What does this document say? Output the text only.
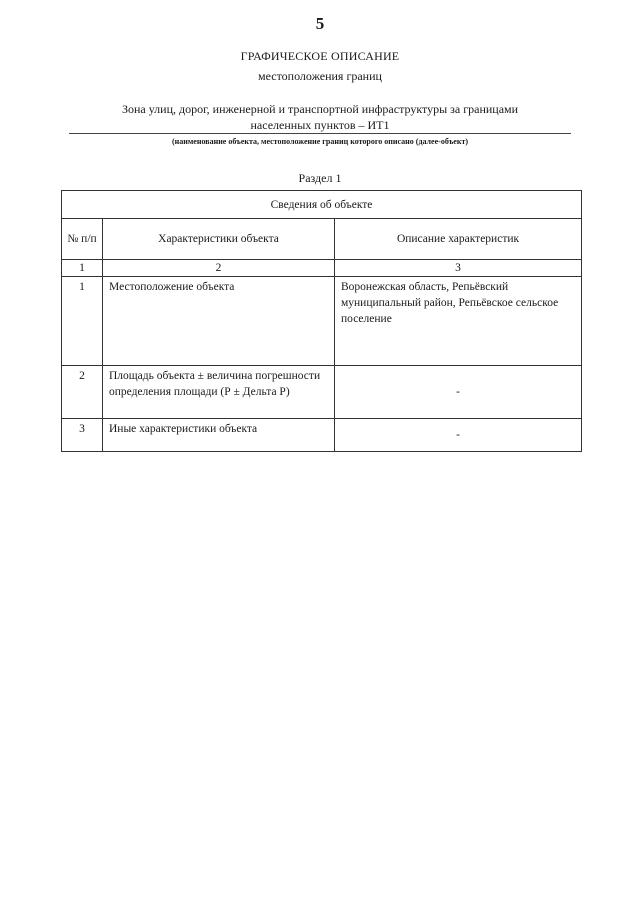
5
ГРАФИЧЕСКОЕ ОПИСАНИЕ
местоположения границ
Зона улиц, дорог, инженерной и транспортной инфраструктуры за границами
населенных пунктов – ИТ1
(наименование объекта, местоположение границ которого описано (далее-объект)
Раздел 1
Сведения об объекте		
№ п/п	Характеристики объекта	Описание характеристик
1	2	3
1	Местоположение объекта	Воронежская область, Репьёвский муниципальный район, Репьёвское сельское поселение
2	Площадь объекта ± величина погрешности определения площади (Р ± Дельта Р)	-
3	Иные характеристики объекта	-
